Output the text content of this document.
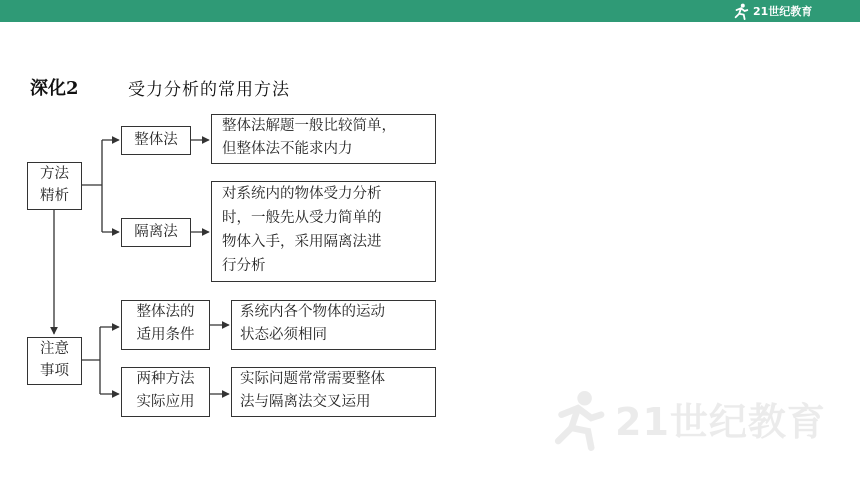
21世纪教育
21世纪教育
深化2	受力分析的常用方法
方法
精析
整体法
整体法解题一般比较简单，
但整体法不能求内力
隔离法
对系统内的物体受力分析
时，一般先从受力简单的
物体入手，采用隔离法进
行分析
注意
事项
整体法的
适用条件
系统内各个物体的运动
状态必须相同
两种方法
实际应用
实际问题常常需要整体
法与隔离法交叉运用
